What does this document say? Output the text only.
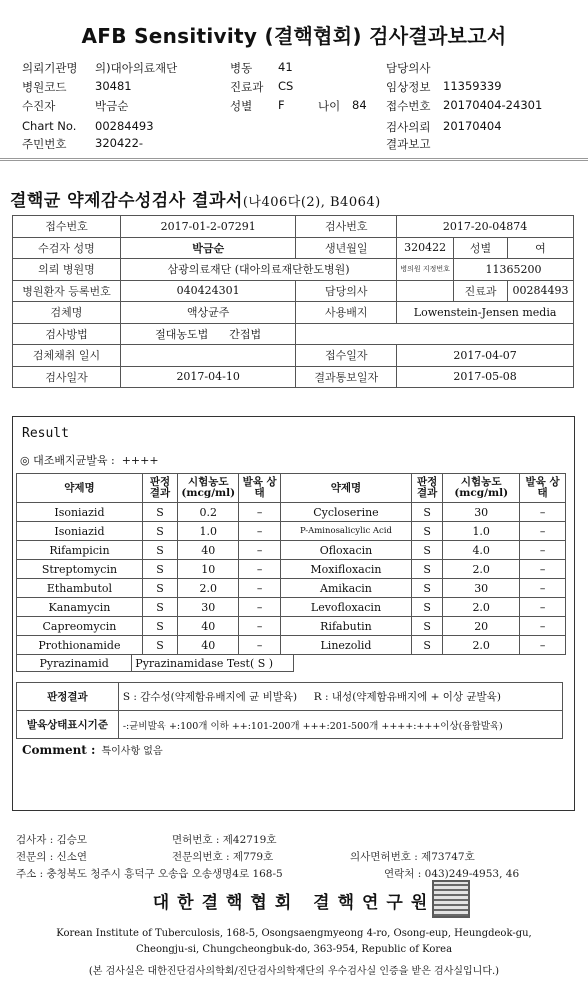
AFB Sensitivity (결핵협회) 검사결과보고서
의뢰기관명 의)대아의료재단
병원코드 30481
수진자	박금순
Chart No. 00284493
주민번호 320422-
병동 41
진료과 CS
성별 F	나이 84
담당의사
임상정보 11359339
접수번호 20170404-24301
검사의뢰 20170404
결과보고
결핵균 약제감수성검사 결과서(나406다(2), B4064)
접수번호	2017-01-2-07291	검사번호	2017-20-04874		
수검자 성명	박금순	생년월일	320422	성별	여
의뢰 병원명	삼광의료재단 (대아의료재단한도병원)		병의원 지정번호	11365200	
병원환자 등록번호	040424301	담당의사		진료과	00284493
검체명	액상균주	사용배지	Lowenstein-Jensen media		
검사방법	절대농도법 간접법				
검체채취 일시		접수일자	2017-04-07		
검사일자	2017-04-10	결과통보일자	2017-05-08		
Result
◎ 대조배지균발육 : ++++
약제명	판정 결과	시험농도 (mcg/ml)	발육 상태	약제명	판정 결과	시험농도 (mcg/ml)	발육 상태
Isoniazid	S	0.2	–	Cycloserine	S	30	–
Isoniazid	S	1.0	–	P-Aminosalicylic Acid	S	1.0	–
Rifampicin	S	40	–	Ofloxacin	S	4.0	–
Streptomycin	S	10	–	Moxifloxacin	S	2.0	–
Ethambutol	S	2.0	–	Amikacin	S	30	–
Kanamycin	S	30	–	Levofloxacin	S	2.0	–
Capreomycin	S	40	–	Rifabutin	S	20	–
Prothionamide	S	40	–	Linezolid	S	2.0	–
Pyrazinamid	Pyrazinamidase Test( S )
판정결과	S : 감수성(약제함유배지에 균 비발육) R : 내성(약제함유배지에 + 이상 균발육)
발육상태표시기준	-:균비발육 +:100개 이하 ++:101-200개 +++:201-500개 ++++:+++이상(융합발육)
Comment : 특이사항 없음
검사자 : 김승모	면허번호 : 제42719호
전문의 : 신소연	전문의번호 : 제779호	의사면허번호 : 제73747호
주소 : 충청북도 청주시 흥덕구 오송읍 오송생명4로 168-5	연락처 : 043)249-4953, 46
대한결핵협회 결핵연구원
Korean Institute of Tuberculosis, 168-5, Osongsaengmyeong 4-ro, Osong-eup, Heungdeok-gu,
Cheongju-si, Chungcheongbuk-do, 363-954, Republic of Korea
(본 검사실은 대한진단검사의학회/진단검사의학재단의 우수검사실 인증을 받은 검사실입니다.)
